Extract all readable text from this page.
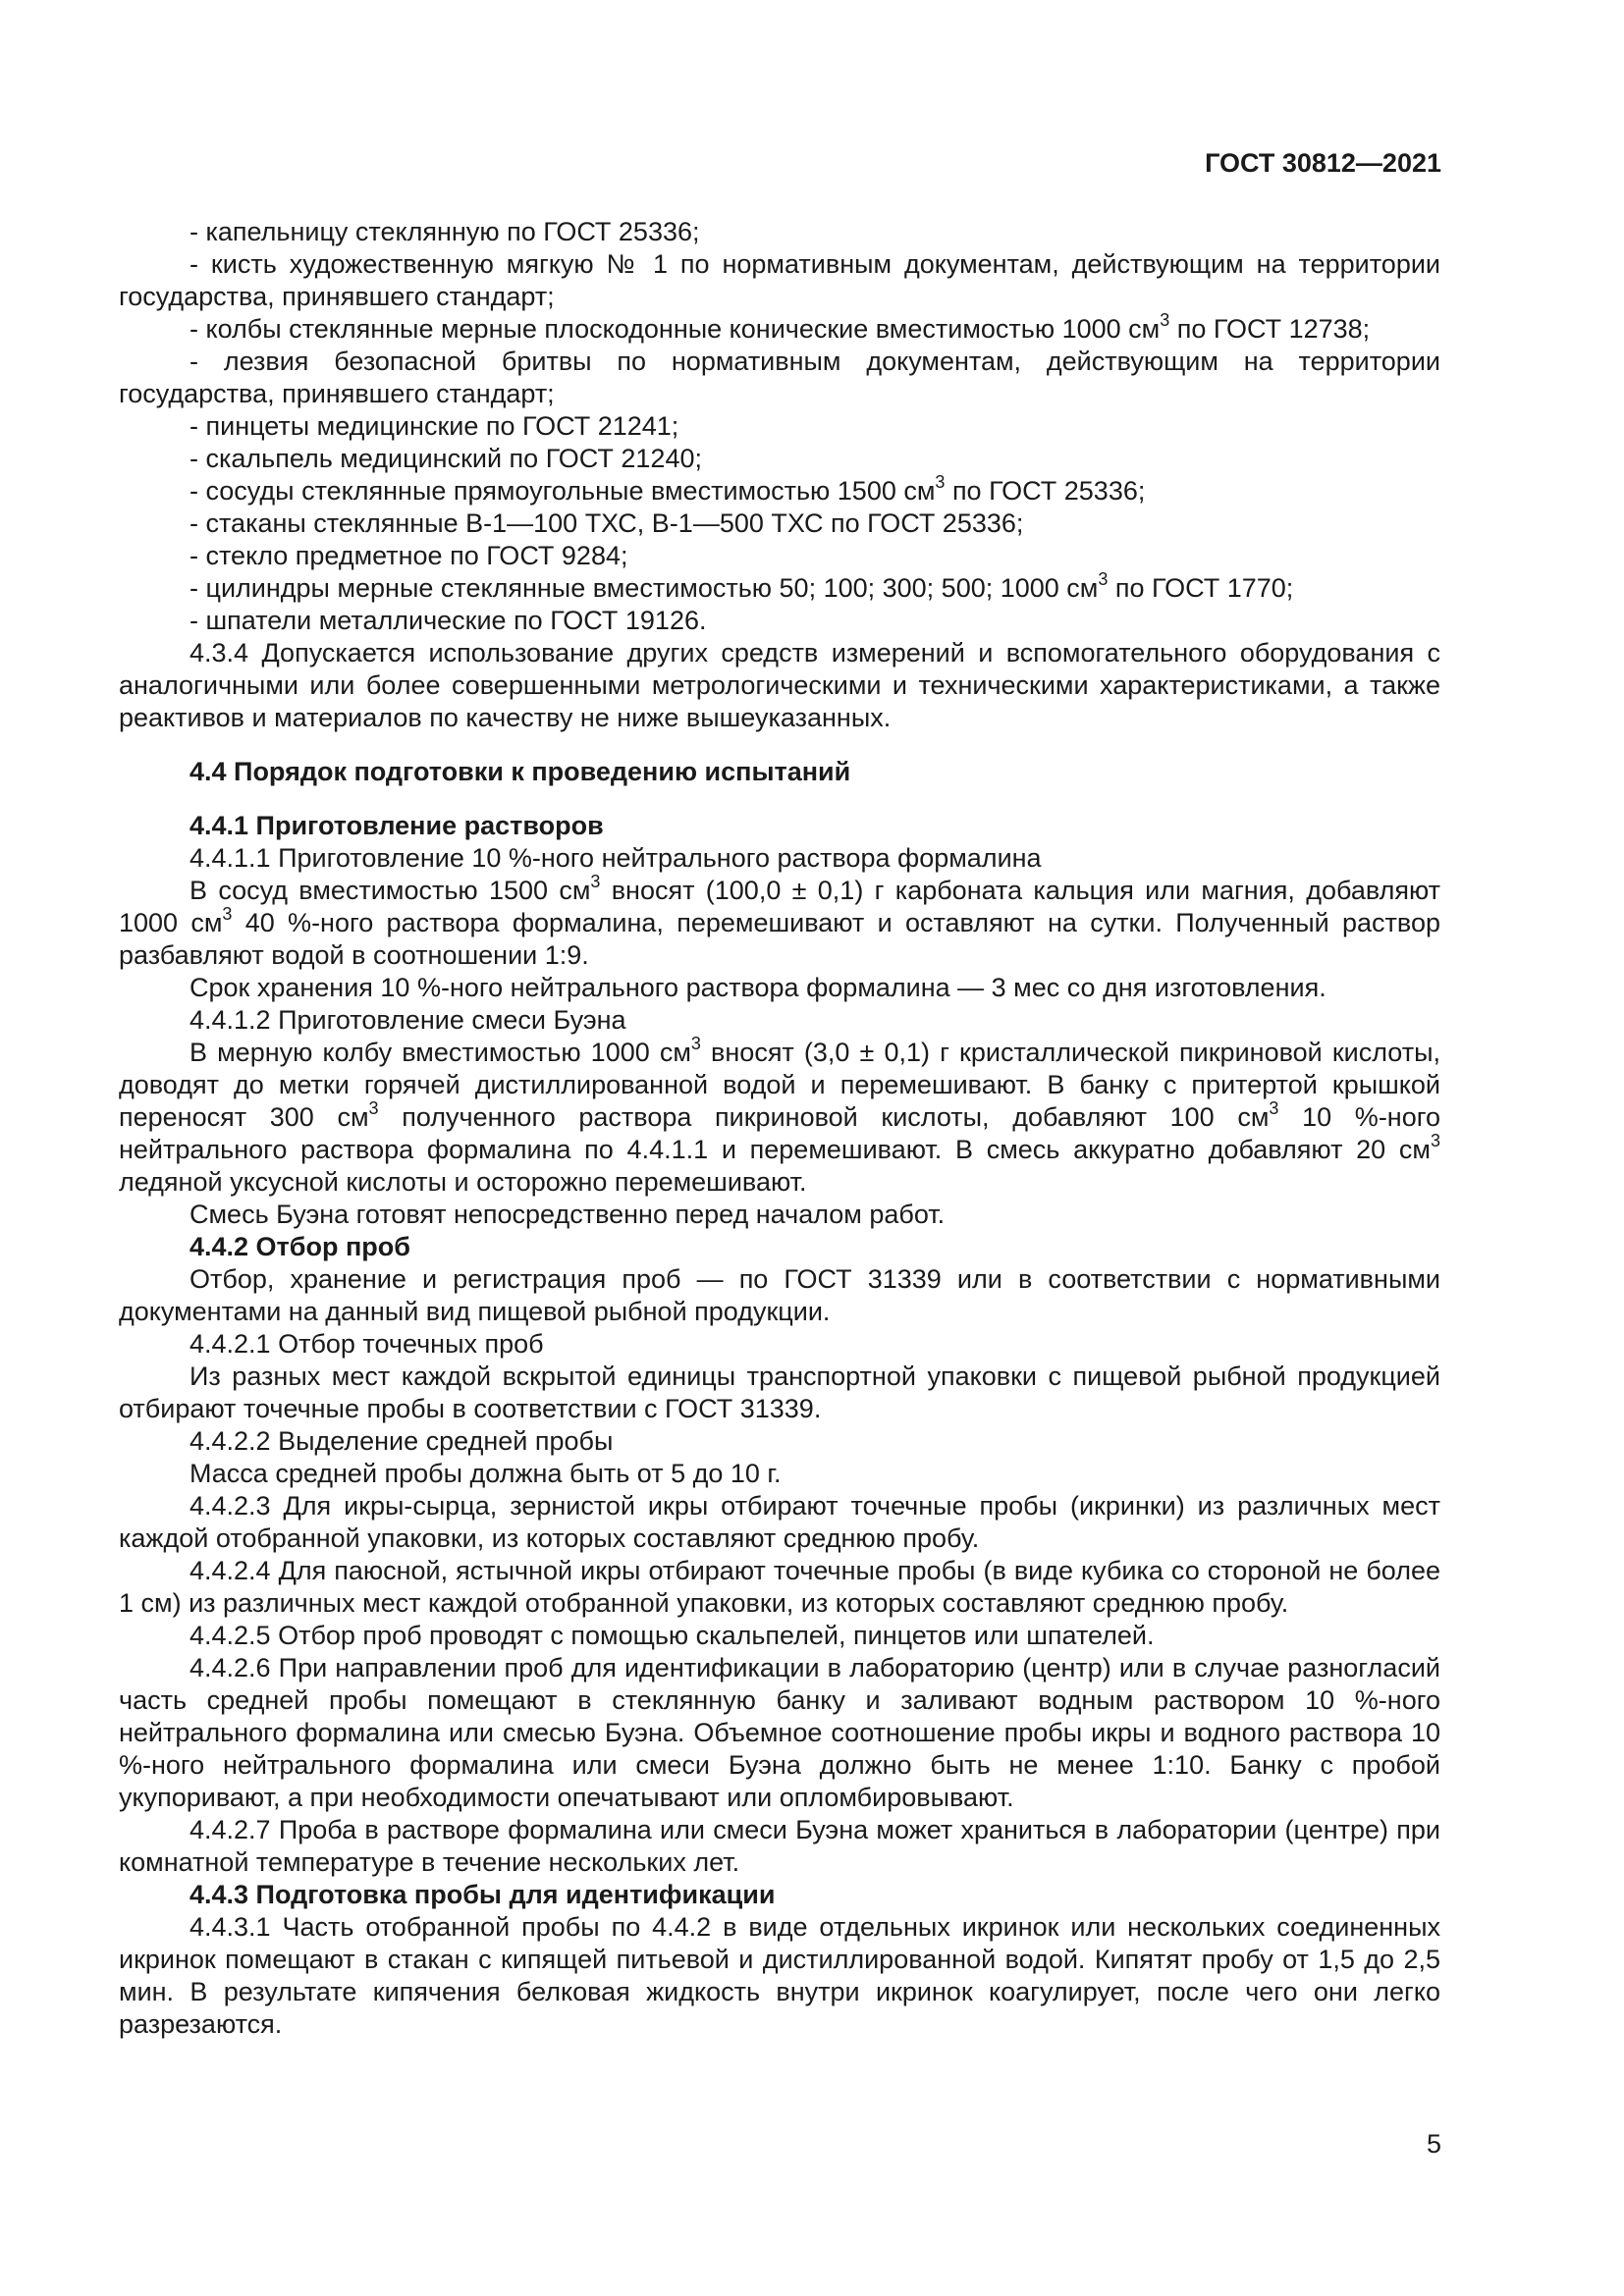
ГОСТ 30812—2021

- капельницу стеклянную по ГОСТ 25336;

- кисть художественную мягкую № 1 по нормативным документам, действующим на территории государства, принявшего стандарт;

- колбы стеклянные мерные плоскодонные конические вместимостью 1000 $см^3$ по ГОСТ 12738;

- лезвия безопасной бритвы по нормативным документам, действующим на территории государства, принявшего стандарт;

- пинцеты медицинские по ГОСТ 21241;

- скальпель медицинский по ГОСТ 21240;

- сосуды стеклянные прямоугольные вместимостью 1500 $см^3$ по ГОСТ 25336;

- стаканы стеклянные В-1—100 ТХС, В-1—500 ТХС по ГОСТ 25336;

- стекло предметное по ГОСТ 9284;

- цилиндры мерные стеклянные вместимостью 50; 100; 300; 500; 1000 $см^3$ по ГОСТ 1770;

- шпатели металлические по ГОСТ 19126.

4.3.4 Допускается использование других средств измерений и вспомогательного оборудования с аналогичными или более совершенными метрологическими и техническими характеристиками, а также реактивов и материалов по качеству не ниже вышеуказанных.

4.4 Порядок подготовки к проведению испытаний

4.4.1 Приготовление растворов

4.4.1.1 Приготовление 10 %-ного нейтрального раствора формалина

В сосуд вместимостью 1500 $см^3$ вносят (100,0 ± 0,1) г карбоната кальция или магния, добавляют 1000 $см^3$ 40 %-ного раствора формалина, перемешивают и оставляют на сутки. Полученный раствор разбавляют водой в соотношении 1:9.

Срок хранения 10 %-ного нейтрального раствора формалина — 3 мес со дня изготовления.

4.4.1.2 Приготовление смеси Буэна

В мерную колбу вместимостью 1000 $см^3$ вносят (3,0 ± 0,1) г кристаллической пикриновой кислоты, доводят до метки горячей дистиллированной водой и перемешивают. В банку с притертой крышкой переносят 300 $см^3$ полученного раствора пикриновой кислоты, добавляют 100 $см^3$ 10 %-ного нейтрального раствора формалина по 4.4.1.1 и перемешивают. В смесь аккуратно добавляют 20 $см^3$ ледяной уксусной кислоты и осторожно перемешивают.

Смесь Буэна готовят непосредственно перед началом работ.

4.4.2 Отбор проб

Отбор, хранение и регистрация проб — по ГОСТ 31339 или в соответствии с нормативными документами на данный вид пищевой рыбной продукции.

4.4.2.1 Отбор точечных проб

Из разных мест каждой вскрытой единицы транспортной упаковки с пищевой рыбной продукцией отбирают точечные пробы в соответствии с ГОСТ 31339.

4.4.2.2 Выделение средней пробы

Масса средней пробы должна быть от 5 до 10 г.

4.4.2.3 Для икры-сырца, зернистой икры отбирают точечные пробы (икринки) из различных мест каждой отобранной упаковки, из которых составляют среднюю пробу.

4.4.2.4 Для паюсной, ястычной икры отбирают точечные пробы (в виде кубика со стороной не более 1 см) из различных мест каждой отобранной упаковки, из которых составляют среднюю пробу.

4.4.2.5 Отбор проб проводят с помощью скальпелей, пинцетов или шпателей.

4.4.2.6 При направлении проб для идентификации в лабораторию (центр) или в случае разногласий часть средней пробы помещают в стеклянную банку и заливают водным раствором 10 %-ного нейтрального формалина или смесью Буэна. Объемное соотношение пробы икры и водного раствора 10 %-ного нейтрального формалина или смеси Буэна должно быть не менее 1:10. Банку с пробой укупоривают, а при необходимости опечатывают или опломбировывают.

4.4.2.7 Проба в растворе формалина или смеси Буэна может храниться в лаборатории (центре) при комнатной температуре в течение нескольких лет.

4.4.3 Подготовка пробы для идентификации

4.4.3.1 Часть отобранной пробы по 4.4.2 в виде отдельных икринок или нескольких соединенных икринок помещают в стакан с кипящей питьевой и дистиллированной водой. Кипятят пробу от 1,5 до 2,5 мин. В результате кипячения белковая жидкость внутри икринок коагулирует, после чего они легко разрезаются.

5
